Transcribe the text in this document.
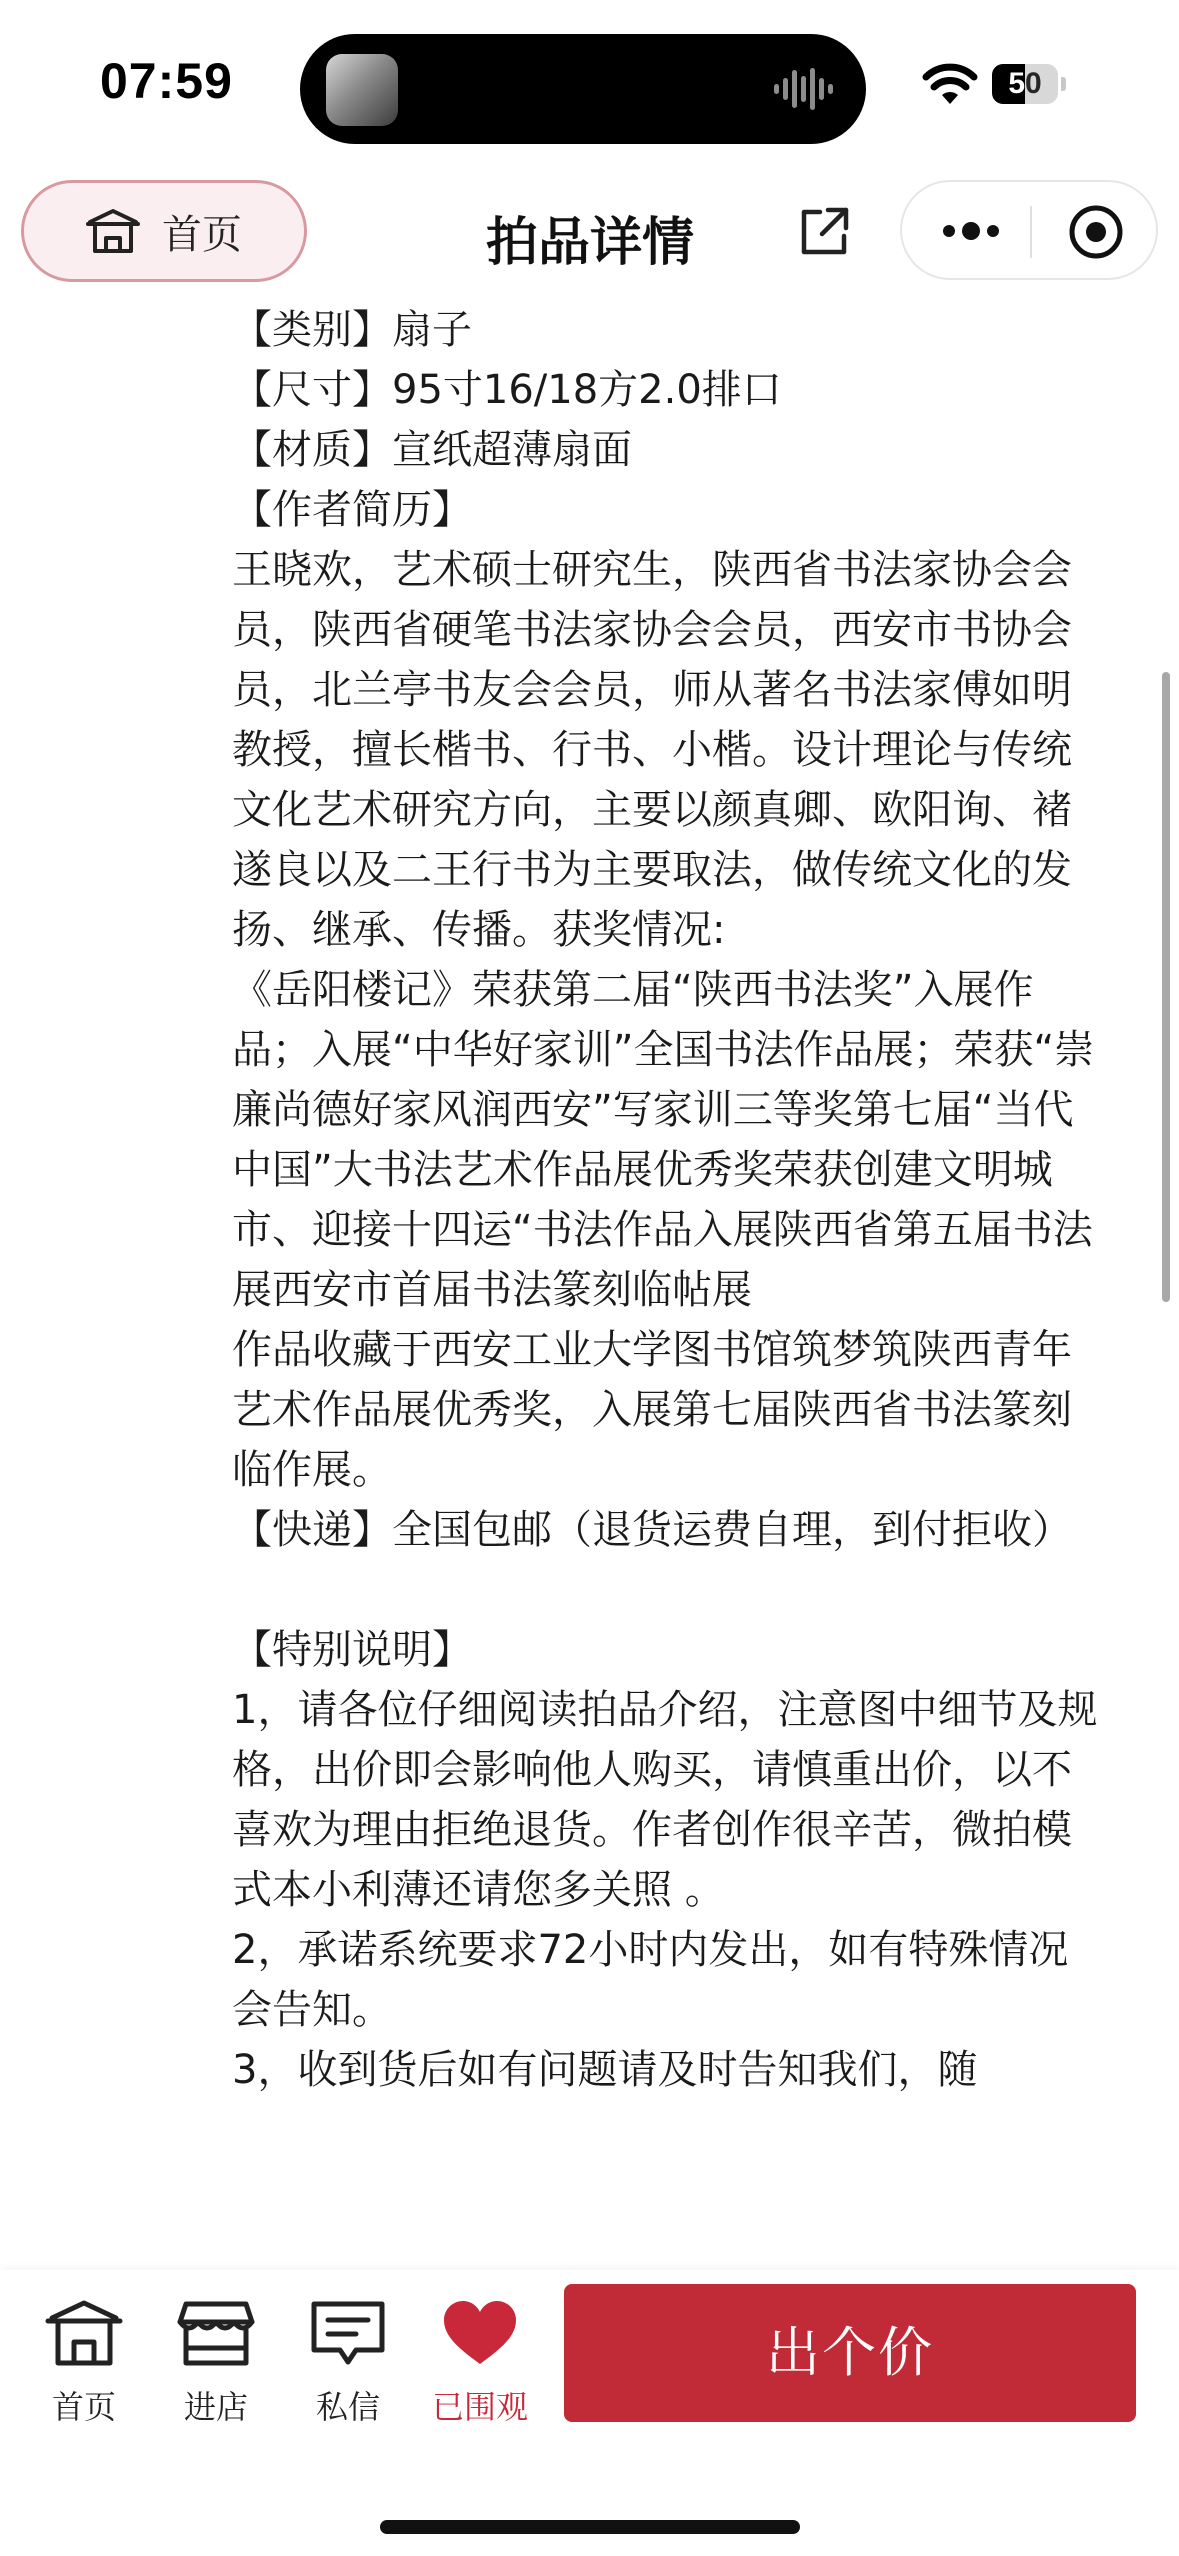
07:59	50
首页	拍品详情

【类别】扇子

【尺寸】95寸16/18方2.0排口

【材质】宣纸超薄扇面

【作者简历】

王晓欢，艺术硕士研究生，陕西省书法家协会会员，陕西省硬笔书法家协会会员，西安市书协会员，北兰亭书友会会员，师从著名书法家傅如明教授，擅长楷书、行书、小楷。设计理论与传统文化艺术研究方向，主要以颜真卿、欧阳询、褚遂良以及二王行书为主要取法，做传统文化的发扬、继承、传播。获奖情况:

《岳阳楼记》荣获第二届“陕西书法奖”入展作品；入展“中华好家训”全国书法作品展；荣获“崇廉尚德好家风润西安”写家训三等奖第七届“当代中国”大书法艺术作品展优秀奖荣获创建文明城市、迎接十四运“书法作品入展陕西省第五届书法展西安市首届书法篆刻临帖展

作品收藏于西安工业大学图书馆筑梦筑陕西青年艺术作品展优秀奖，入展第七届陕西省书法篆刻临作展。

【快递】全国包邮（退货运费自理，到付拒收）

【特别说明】

1，请各位仔细阅读拍品介绍，注意图中细节及规格，出价即会影响他人购买，请慎重出价，以不喜欢为理由拒绝退货。作者创作很辛苦，微拍模式本小利薄还请您多关照 。

2，承诺系统要求72小时内发出，如有特殊情况会告知。

3，收到货后如有问题请及时告知我们，随

首页	进店	私信	已围观
出个价
